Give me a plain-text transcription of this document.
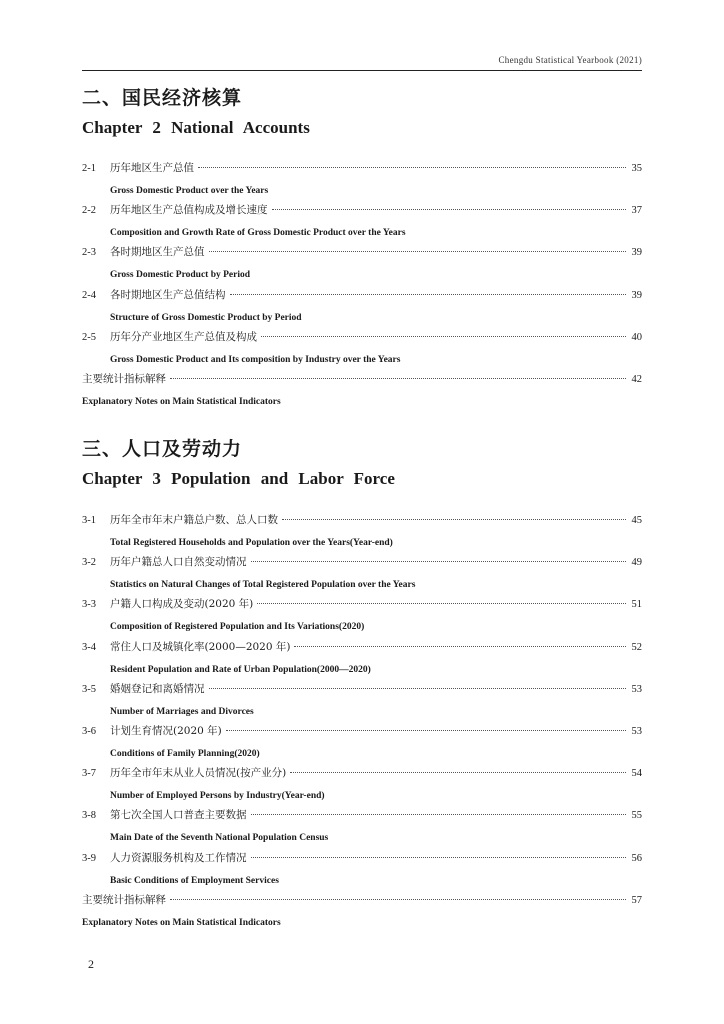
Chengdu Statistical Yearbook (2021)
二、国民经济核算
Chapter 2 National Accounts
2-1	历年地区生产总值	35
Gross Domestic Product over the Years
2-2	历年地区生产总值构成及增长速度	37
Composition and Growth Rate of Gross Domestic Product over the Years
2-3	各时期地区生产总值	39
Gross Domestic Product by Period
2-4	各时期地区生产总值结构	39
Structure of Gross Domestic Product by Period
2-5	历年分产业地区生产总值及构成	40
Gross Domestic Product and Its composition by Industry over the Years
主要统计指标解释	42
Explanatory Notes on Main Statistical Indicators
三、人口及劳动力
Chapter 3 Population and Labor Force
3-1	历年全市年末户籍总户数、总人口数	45
Total Registered Households and Population over the Years(Year-end)
3-2	历年户籍总人口自然变动情况	49
Statistics on Natural Changes of Total Registered Population over the Years
3-3	户籍人口构成及变动(2020 年)	51
Composition of Registered Population and Its Variations(2020)
3-4	常住人口及城镇化率(2000—2020 年)	52
Resident Population and Rate of Urban Population(2000—2020)
3-5	婚姻登记和离婚情况	53
Number of Marriages and Divorces
3-6	计划生育情况(2020 年)	53
Conditions of Family Planning(2020)
3-7	历年全市年末从业人员情况(按产业分)	54
Number of Employed Persons by Industry(Year-end)
3-8	第七次全国人口普查主要数据	55
Main Date of the Seventh National Population Census
3-9	人力资源服务机构及工作情况	56
Basic Conditions of Employment Services
主要统计指标解释	57
Explanatory Notes on Main Statistical Indicators
2
